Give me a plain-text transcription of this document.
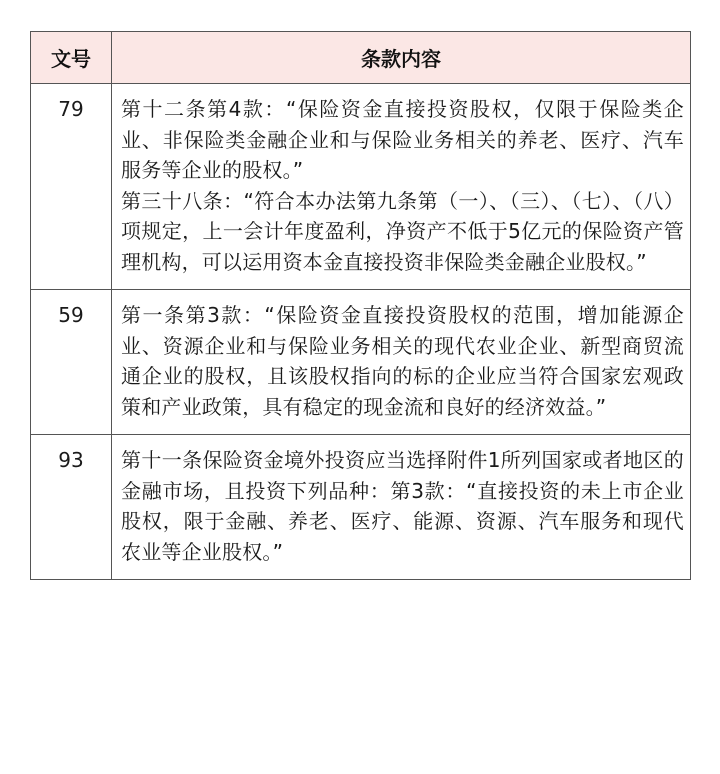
文号	条款内容
79	第十二条第4款：“保险资金直接投资股权，仅限于保险类企业、非保险类金融企业和与保险业务相关的养老、医疗、汽车服务等企业的股权。”

第三十八条：“符合本办法第九条第（一）、（三）、（七）、（八）项规定，上一会计年度盈利，净资产不低于5亿元的保险资产管理机构，可以运用资本金直接投资非保险类金融企业股权。”

59	第一条第3款：“保险资金直接投资股权的范围，增加能源企业、资源企业和与保险业务相关的现代农业企业、新型商贸流通企业的股权，且该股权指向的标的企业应当符合国家宏观政策和产业政策，具有稳定的现金流和良好的经济效益。”

93	第十一条保险资金境外投资应当选择附件1所列国家或者地区的金融市场，且投资下列品种：第3款：“直接投资的未上市企业股权，限于金融、养老、医疗、能源、资源、汽车服务和现代农业等企业股权。”
